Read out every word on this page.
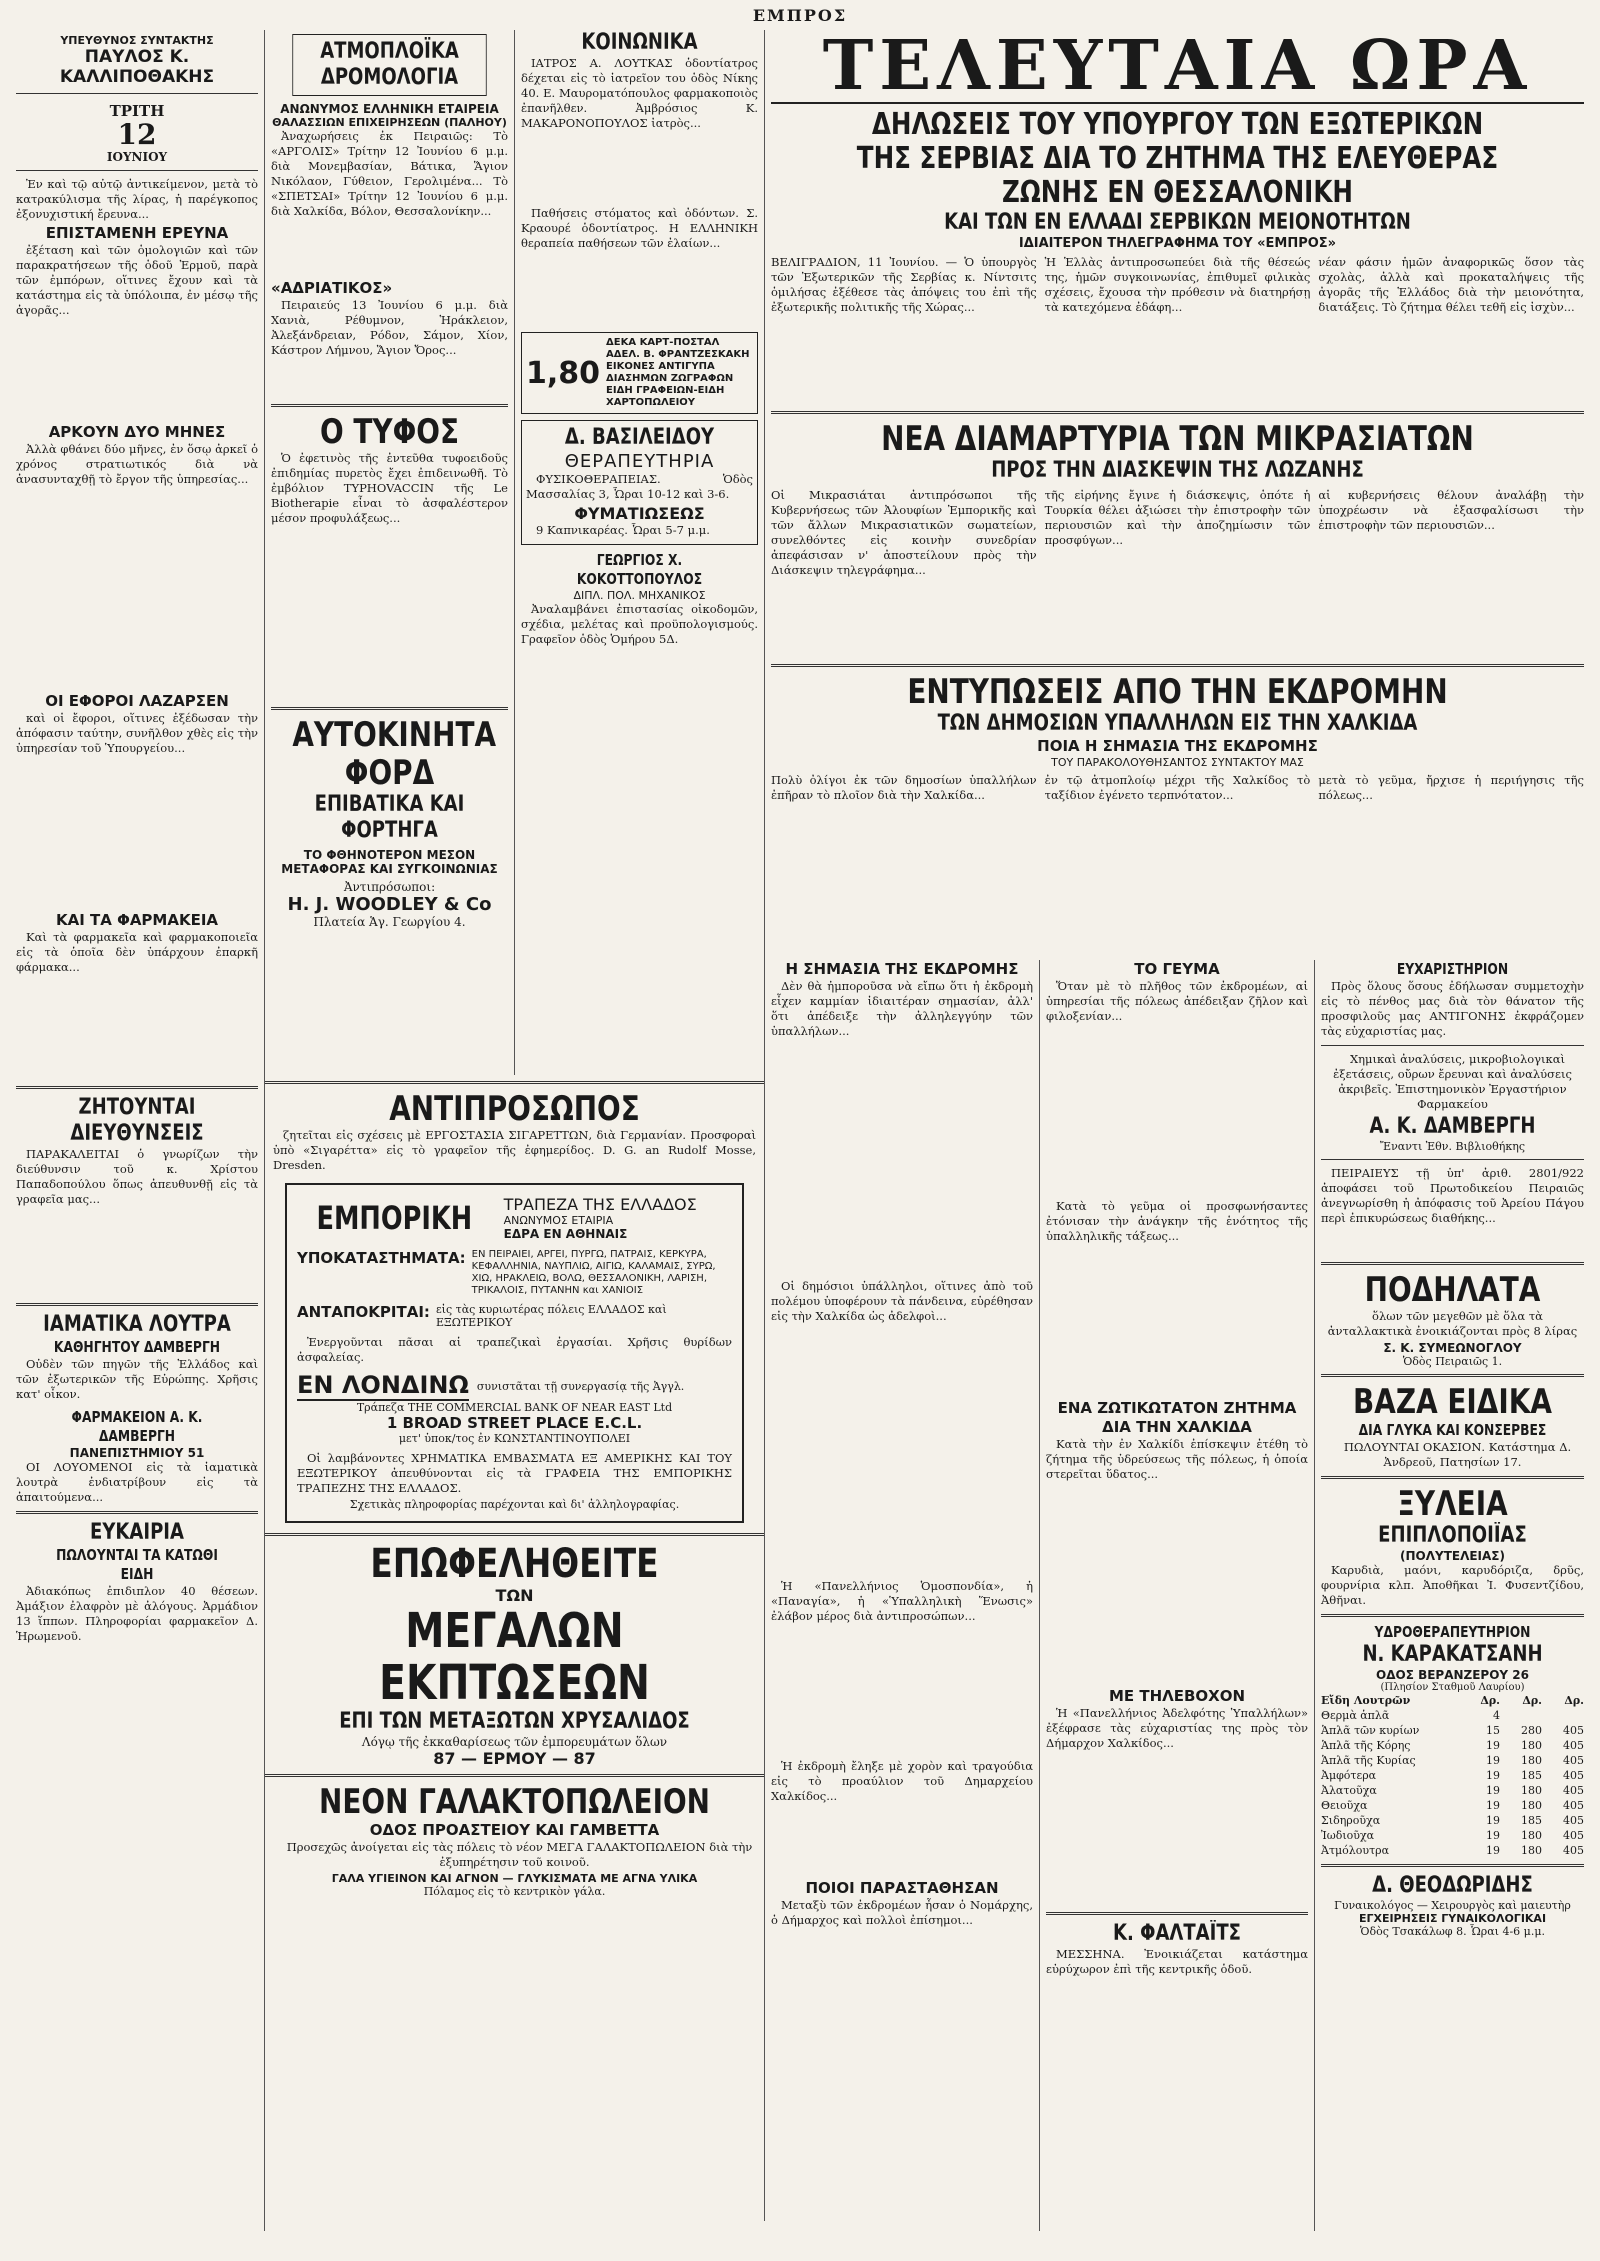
ΕΜΠΡΟΣ
ΥΠΕΥΘΥΝΟΣ ΣΥΝΤΑΚΤΗΣ
ΠΑΥΛΟΣ Κ. ΚΑΛΛΙΠΟΘΑΚΗΣ
ΤΡΙΤΗ
12
ΙΟΥΝΙΟΥ

Ἐν καὶ τῷ αὐτῷ ἀντικείμενον, μετὰ τὸ κατρακύλισμα τῆς λίρας, ἡ παρέγκοπος ἐξονυχιστική ἔρευνα...

ΕΠΙΣΤΑΜΕΝΗ ΕΡΕΥΝΑ

ἐξέταση καὶ τῶν ὁμολογιῶν καὶ τῶν παρακρατήσεων τῆς ὁδοῦ Ἑρμοῦ, παρὰ τῶν ἐμπόρων, οἵτινες ἔχουν καὶ τὰ κατάστημα εἰς τὰ ὑπόλοιπα, ἐν μέσῳ τῆς ἀγορᾶς...

ΑΡΚΟΥΝ ΔΥΟ ΜΗΝΕΣ

Ἀλλὰ φθάνει δύο μῆνες, ἐν ὅσῳ ἀρκεῖ ὁ χρόνος στρατιωτικός διὰ νὰ ἀνασυνταχθῇ τὸ ἔργον τῆς ὑπηρεσίας...

ΟΙ ΕΦΟΡΟΙ ΛΑΖΑΡΣΕΝ

καὶ οἱ ἔφοροι, οἵτινες ἐξέδωσαν τὴν ἀπόφασιν ταύτην, συνῆλθον χθὲς εἰς τὴν ὑπηρεσίαν τοῦ Ὑπουργείου...

ΚΑΙ ΤΑ ΦΑΡΜΑΚΕΙΑ

Καὶ τὰ φαρμακεῖα καὶ φαρμακοποιεῖα εἰς τὰ ὁποῖα δὲν ὑπάρχουν ἐπαρκῆ φάρμακα...

ΖΗΤΟΥΝΤΑΙ ΔΙΕΥΘΥΝΣΕΙΣ

ΠΑΡΑΚΑΛΕΙΤΑΙ ὁ γνωρίζων τὴν διεύθυνσιν τοῦ κ. Χρίστου Παπαδοπούλου ὅπως ἀπευθυνθῇ εἰς τὰ γραφεῖα μας...

ΙΑΜΑΤΙΚΑ ΛΟΥΤΡΑ
ΚΑΘΗΓΗΤΟΥ ΔΑΜΒΕΡΓΗ

Οὐδὲν τῶν πηγῶν τῆς Ἑλλάδος καὶ τῶν ἐξωτερικῶν τῆς Εὐρώπης. Χρῆσις κατ' οἶκον.

ΦΑΡΜΑΚΕΙΟΝ Α. Κ. ΔΑΜΒΕΡΓΗ
ΠΑΝΕΠΙΣΤΗΜΙΟΥ 51

ΟΙ ΛΟΥΟΜΕΝΟΙ εἰς τὰ ἰαματικὰ λουτρὰ ἐνδιατρίβουν εἰς τὰ ἀπαιτούμενα...

ΕΥΚΑΙΡΙΑ
ΠΩΛΟΥΝΤΑΙ ΤΑ ΚΑΤΩΘΙ ΕΙΔΗ

Ἀδιακόπως ἐπιδιπλον 40 θέσεων. Ἀμάξιον ἐλαφρὸν μὲ ἀλόγους. Ἀρμάδιον 13 ἵππων. Πληροφορίαι φαρμακεῖον Δ. Ἡρωμενοῦ.

ΑΤΜΟΠΛΟΪΚΑ ΔΡΟΜΟΛΟΓΙΑ
ΑΝΩΝΥΜΟΣ ΕΛΛΗΝΙΚΗ ΕΤΑΙΡΕΙΑ
ΘΑΛΑΣΣΙΩΝ ΕΠΙΧΕΙΡΗΣΕΩΝ (ΠΑΛΗΟΥ)

Ἀναχωρήσεις ἐκ Πειραιῶς: Τὸ «ΑΡΓΟΛΙΣ» Τρίτην 12 Ἰουνίου 6 μ.μ. διὰ Μονεμβασίαν, Βάτικα, Ἅγιον Νικόλαον, Γύθειον, Γερολιμένα... Τὸ «ΣΠΕΤΣΑΙ» Τρίτην 12 Ἰουνίου 6 μ.μ. διὰ Χαλκίδα, Βόλον, Θεσσαλονίκην...

«ΑΔΡΙΑΤΙΚΟΣ»

Πειραιεύς 13 Ἰουνίου 6 μ.μ. διὰ Χανιὰ, Ρέθυμνον, Ἡράκλειον, Ἀλεξάνδρειαν, Ρόδον, Σάμον, Χίον, Κάστρον Λήμνου, Ἅγιον Ὄρος...

Ο ΤΥΦΟΣ

Ὁ ἐφετινὸς τῆς ἐντεῦθα τυφοειδοῦς ἐπιδημίας πυρετὸς ἔχει ἐπιδεινωθῆ. Τὸ ἐμβόλιον TYPHOVACCIN τῆς Le Biotherapie εἶναι τὸ ἀσφαλέστερον μέσον προφυλάξεως...

ΑΥΤΟΚΙΝΗΤΑ ΦΟΡΔ
ΕΠΙΒΑΤΙΚΑ ΚΑΙ ΦΟΡΤΗΓΑ
ΤΟ ΦΘΗΝΟΤΕΡΟΝ ΜΕΣΟΝ ΜΕΤΑΦΟΡΑΣ ΚΑΙ ΣΥΓΚΟΙΝΩΝΙΑΣ
Ἀντιπρόσωποι:
H. J. WOODLEY & Co
Πλατεία Ἁγ. Γεωργίου 4.
ΚΟΙΝΩΝΙΚΑ

ΙΑΤΡΟΣ Α. ΛΟΥΤΚΑΣ ὁδοντίατρος δέχεται εἰς τὸ ἰατρεῖον του ὁδὸς Νίκης 40. Ε. Μαυροματόπουλος φαρμακοποιὸς ἐπανῆλθεν. Ἀμβρόσιος Κ. ΜΑΚΑΡΟΝΟΠΟΥΛΟΣ ἰατρὸς...

Παθήσεις στόματος καὶ ὀδόντων. Σ. Κραουρέ ὁδοντίατρος. Η ΕΛΛΗΝΙΚΗ θεραπεία παθήσεων τῶν ἐλαίων...

1,80
ΔΕΚΑ ΚΑΡΤ-ΠΟΣΤΑΛ ΑΔΕΛ. Β. ΦΡΑΝΤΖΕΣΚΑΚΗ ΕΙΚΟΝΕΣ ΑΝΤΙΓΥΠΑ ΔΙΑΣΗΜΩΝ ΖΩΓΡΑΦΩΝ ΕΙΔΗ ΓΡΑΦΕΙΩΝ-ΕΙΔΗ ΧΑΡΤΟΠΩΛΕΙΟΥ
Δ. ΒΑΣΙΛΕΙΔΟΥ
ΘΕΡΑΠΕΥΤΗΡΙΑ

ΦΥΣΙΚΟΘΕΡΑΠΕΙΑΣ. Ὁδὸς Μασσαλίας 3, Ὧραι 10-12 καὶ 3-6.

ΦΥΜΑΤΙΩΣΕΩΣ

9 Καπνικαρέας. Ὧραι 5-7 μ.μ.

ΓΕΩΡΓΙΟΣ Χ. ΚΟΚΟΤΤΟΠΟΥΛΟΣ
ΔΙΠΛ. ΠΟΛ. ΜΗΧΑΝΙΚΟΣ

Ἀναλαμβάνει ἐπιστασίας οἰκοδομῶν, σχέδια, μελέτας καὶ προϋπολογισμούς. Γραφεῖον ὁδὸς Ὁμήρου 5Δ.

ΤΕΛΕΥΤΑΙΑ ΩΡΑ
ΔΗΛΩΣΕΙΣ ΤΟΥ ΥΠΟΥΡΓΟΥ ΤΩΝ ΕΞΩΤΕΡΙΚΩΝ ΤΗΣ ΣΕΡΒΙΑΣ ΔΙΑ ΤΟ ΖΗΤΗΜΑ ΤΗΣ ΕΛΕΥΘΕΡΑΣ ΖΩΝΗΣ ΕΝ ΘΕΣΣΑΛΟΝΙΚΗ
ΚΑΙ ΤΩΝ ΕΝ ΕΛΛΑΔΙ ΣΕΡΒΙΚΩΝ ΜΕΙΟΝΟΤΗΤΩΝ
ΙΔΙΑΙΤΕΡΟΝ ΤΗΛΕΓΡΑΦΗΜΑ ΤΟΥ «ΕΜΠΡΟΣ»
ΒΕΛΙΓΡΑΔΙΟΝ, 11 Ἰουνίου. — Ὁ ὑπουργὸς τῶν Ἐξωτερικῶν τῆς Σερβίας κ. Νίντσιτς ὁμιλήσας ἐξέθεσε τὰς ἀπόψεις του ἐπὶ τῆς ἐξωτερικῆς πολιτικῆς τῆς Χώρας...
Ἡ Ἑλλὰς ἀντιπροσωπεύει διὰ τῆς θέσεώς της, ἡμῶν συγκοινωνίας, ἐπιθυμεῖ φιλικὰς σχέσεις, ἔχουσα τὴν πρόθεσιν νὰ διατηρήσῃ τὰ κατεχόμενα ἐδάφη...
νέαν φάσιν ἡμῶν ἀναφορικῶς ὅσον τὰς σχολὰς, ἀλλὰ καὶ προκαταλήψεις τῆς ἀγορᾶς τῆς Ἑλλάδος διὰ τὴν μειονότητα, διατάξεις. Τὸ ζήτημα θέλει τεθῆ εἰς ἰσχὺν...
ΝΕΑ ΔΙΑΜΑΡΤΥΡΙΑ ΤΩΝ ΜΙΚΡΑΣΙΑΤΩΝ
ΠΡΟΣ ΤΗΝ ΔΙΑΣΚΕΨΙΝ ΤΗΣ ΛΩΖΑΝΗΣ
Οἱ Μικρασιάται ἀντιπρόσωποι τῆς Κυβερνήσεως τῶν Ἀλουφίων Ἐμπορικῆς καὶ τῶν ἄλλων Μικρασιατικῶν σωματείων, συνελθόντες εἰς κοινὴν συνεδρίαν ἀπεφάσισαν ν' ἀποστείλουν πρὸς τὴν Διάσκεψιν τηλεγράφημα...
τῆς εἰρήνης ἔγινε ἡ διάσκεψις, ὁπότε ἡ Τουρκία θέλει ἀξιώσει τὴν ἐπιστροφὴν τῶν περιουσιῶν καὶ τὴν ἀποζημίωσιν τῶν προσφύγων...
αἱ κυβερνήσεις θέλουν ἀναλάβῃ τὴν ὑποχρέωσιν νὰ ἐξασφαλίσωσι τὴν ἐπιστροφὴν τῶν περιουσιῶν...
ΕΝΤΥΠΩΣΕΙΣ ΑΠΟ ΤΗΝ ΕΚΔΡΟΜΗΝ
ΤΩΝ ΔΗΜΟΣΙΩΝ ΥΠΑΛΛΗΛΩΝ ΕΙΣ ΤΗΝ ΧΑΛΚΙΔΑ
ΠΟΙΑ Η ΣΗΜΑΣΙΑ ΤΗΣ ΕΚΔΡΟΜΗΣ
ΤΟΥ ΠΑΡΑΚΟΛΟΥΘΗΣΑΝΤΟΣ ΣΥΝΤΑΚΤΟΥ ΜΑΣ
Πολὺ ὀλίγοι ἐκ τῶν δημοσίων ὑπαλλήλων ἐπῆραν τὸ πλοῖον διὰ τὴν Χαλκίδα...
ἐν τῷ ἀτμοπλοίῳ μέχρι τῆς Χαλκίδος τὸ ταξίδιον ἐγένετο τερπνότατον...
μετὰ τὸ γεῦμα, ἤρχισε ἡ περιήγησις τῆς πόλεως...
Η ΣΗΜΑΣΙΑ ΤΗΣ ΕΚΔΡΟΜΗΣ

Δὲν θὰ ἠμποροῦσα νὰ εἴπω ὅτι ἡ ἐκδρομὴ εἶχεν καμμίαν ἰδιαιτέραν σημασίαν, ἀλλ' ὅτι ἀπέδειξε τὴν ἀλληλεγγύην τῶν ὑπαλλήλων...

Οἱ δημόσιοι ὑπάλληλοι, οἵτινες ἀπὸ τοῦ πολέμου ὑποφέρουν τὰ πάνδεινα, εὑρέθησαν εἰς τὴν Χαλκίδα ὡς ἀδελφοὶ...

Ἡ «Πανελλήνιος Ὁμοσπονδία», ἡ «Παναγία», ἡ «Ὑπαλληλικὴ Ἕνωσις» ἐλάβον μέρος διὰ ἀντιπροσώπων...

Ἡ ἐκδρομὴ ἔληξε μὲ χορὸν καὶ τραγούδια εἰς τὸ προαύλιον τοῦ Δημαρχείου Χαλκίδος...

ΠΟΙΟΙ ΠΑΡΑΣΤΑΘΗΣΑΝ

Μεταξὺ τῶν ἐκδρομέων ἦσαν ὁ Νομάρχης, ὁ Δήμαρχος καὶ πολλοὶ ἐπίσημοι...

ΤΟ ΓΕΥΜΑ

Ὅταν μὲ τὸ πλῆθος τῶν ἐκδρομέων, αἱ ὑπηρεσίαι τῆς πόλεως ἀπέδειξαν ζῆλον καὶ φιλοξενίαν...

Κατὰ τὸ γεῦμα οἱ προσφωνήσαντες ἐτόνισαν τὴν ἀνάγκην τῆς ἑνότητος τῆς ὑπαλληλικῆς τάξεως...

ΕΝΑ ΖΩΤΙΚΩΤΑΤΟΝ ΖΗΤΗΜΑ ΔΙΑ ΤΗΝ ΧΑΛΚΙΔΑ

Κατὰ τὴν ἐν Χαλκίδι ἐπίσκεψιν ἐτέθη τὸ ζήτημα τῆς ὑδρεύσεως τῆς πόλεως, ἡ ὁποία στερεῖται ὕδατος...

ΜΕ ΤΗΛΕΒΟΧΟΝ

Ἡ «Πανελλήνιος Ἀδελφότης Ὑπαλλήλων» ἐξέφρασε τὰς εὐχαριστίας της πρὸς τὸν Δήμαρχον Χαλκίδος...

Κ. ΦΑΛΤΑΪΤΣ

ΜΕΣΣΗΝΑ. Ἐνοικιάζεται κατάστημα εὐρύχωρον ἐπὶ τῆς κεντρικῆς ὁδοῦ.

ΕΥΧΑΡΙΣΤΗΡΙΟΝ

Πρὸς ὅλους ὅσους ἐδήλωσαν συμμετοχὴν εἰς τὸ πένθος μας διὰ τὸν θάνατον τῆς προσφιλοῦς μας ΑΝΤΙΓΟΝΗΣ ἐκφράζομεν τὰς εὐχαριστίας μας.

Χημικαὶ ἀναλύσεις, μικροβιολογικαὶ ἐξετάσεις, οὔρων ἔρευναι καὶ ἀναλύσεις ἀκριβεῖς. Ἐπιστημονικὸν Ἐργαστήριον Φαρμακείου

Α. Κ. ΔΑΜΒΕΡΓΗ
Ἔναντι Ἐθν. Βιβλιοθήκης

ΠΕΙΡΑΙΕΥΣ τῇ ὑπ' ἀριθ. 2801/922 ἀποφάσει τοῦ Πρωτοδικείου Πειραιῶς ἀνεγνωρίσθη ἡ ἀπόφασις τοῦ Ἀρείου Πάγου περὶ ἐπικυρώσεως διαθήκης...

ΠΟΔΗΛΑΤΑ

ὅλων τῶν μεγεθῶν μὲ ὅλα τὰ ἀνταλλακτικὰ ἐνοικιάζονται πρὸς 8 λίρας

Σ. Κ. ΣΥΜΕΩΝΟΓΛΟΥ
Ὁδὸς Πειραιῶς 1.
ΒΑΖΑ ΕΙΔΙΚΑ
ΔΙΑ ΓΛΥΚΑ ΚΑΙ ΚΟΝΣΕΡΒΕΣ

ΠΩΛΟΥΝΤΑΙ ΟΚΑΣΙΟΝ. Κατάστημα Δ. Ἀνδρεοῦ, Πατησίων 17.

ΞΥΛΕΙΑ
ΕΠΙΠΛΟΠΟΙΪΑΣ
(ΠΟΛΥΤΕΛΕΙΑΣ)

Καρυδιὰ, μαόνι, καρυδόριζα, δρῦς, φουρνίρια κλπ. Ἀποθῆκαι Ἰ. Φυσεντζίδου, Ἀθῆναι.

ΥΔΡΟΘΕΡΑΠΕΥΤΗΡΙΟΝ
Ν. ΚΑΡΑΚΑΤΣΑΝΗ
ΟΔΟΣ ΒΕΡΑΝΖΕΡΟΥ 26
(Πλησίον Σταθμοῦ Λαυρίου)
Εἴδη Λουτρῶν	Δρ.	Δρ.	Δρ.
Θερμὰ ἁπλᾶ	4
Ἁπλᾶ τῶν κυρίων	15	280	405
Ἁπλᾶ τῆς Κόρης	19	180	405
Ἁπλᾶ τῆς Κυρίας	19	180	405
Ἀμφότερα	19	185	405
Ἀλατοῦχα	19	180	405
Θειοῦχα	19	180	405
Σιδηροῦχα	19	185	405
Ἰωδιοῦχα	19	180	405
Ἀτμόλουτρα	19	180	405
Δ. ΘΕΟΔΩΡΙΔΗΣ
Γυναικολόγος — Χειρουργὸς καὶ μαιευτὴρ
ΕΓΧΕΙΡΗΣΕΙΣ ΓΥΝΑΙΚΟΛΟΓΙΚΑΙ
Ὁδὸς Τσακάλωφ 8. Ὧραι 4-6 μ.μ.
ΑΝΤΙΠΡΟΣΩΠΟΣ

ζητεῖται εἰς σχέσεις μὲ ΕΡΓΟΣΤΑΣΙΑ ΣΙΓΑΡΕΤΤΩΝ, διὰ Γερμανίαν. Προσφοραὶ ὑπὸ «Σιγαρέττα» εἰς τὸ γραφεῖον τῆς ἐφημερίδος. D. G. an Rudolf Mosse, Dresden.

ΕΜΠΟΡΙΚΗ ΤΡΑΠΕΖΑ ΤΗΣ ΕΛΛΑΔΟΣ
ΑΝΩΝΥΜΟΣ ΕΤΑΙΡΙΑ
ΕΔΡΑ ΕΝ ΑΘΗΝΑΙΣ
ΥΠΟΚΑΤΑΣΤΗΜΑΤΑ: ΕΝ ΠΕΙΡΑΙΕΙ, ΑΡΓΕΙ, ΠΥΡΓΩ, ΠΑΤΡΑΙΣ, ΚΕΡΚΥΡΑ, ΚΕΦΑΛΛΗΝΙΑ, ΝΑΥΠΛΙΩ, ΑΙΓΙΩ, ΚΑΛΑΜΑΙΣ, ΣΥΡΩ, ΧΙΩ, ΗΡΑΚΛΕΙΩ, ΒΟΛΩ, ΘΕΣΣΑΛΟΝΙΚΗ, ΛΑΡΙΣΗ, ΤΡΙΚΑΛΟΙΣ, ΠΥΤΑΝΗΝ και ΧΑΝΙΟΙΣ
ΑΝΤΑΠΟΚΡΙΤΑΙ: εἰς τὰς κυριωτέρας πόλεις ΕΛΛΑΔΟΣ καὶ ΕΞΩΤΕΡΙΚΟΥ

Ἐνεργοῦνται πᾶσαι αἱ τραπεζικαὶ ἐργασίαι. Χρῆσις θυρίδων ἀσφαλείας.

ΕΝ ΛΟΝΔΙΝΩ συνιστᾶται τῇ συνεργασίᾳ τῆς Ἀγγλ.
Τράπεζα THE COMMERCIAL BANK OF NEAR EAST Ltd
1 BROAD STREET PLACE E.C.L.
μετ' ὑποκ/τος ἐν ΚΩΝΣΤΑΝΤΙΝΟΥΠΟΛΕΙ

Οἱ λαμβάνοντες ΧΡΗΜΑΤΙΚΑ ΕΜΒΑΣΜΑΤΑ ΕΞ ΑΜΕΡΙΚΗΣ ΚΑΙ ΤΟΥ ΕΞΩΤΕΡΙΚΟΥ ἀπευθύνονται εἰς τὰ ΓΡΑΦΕΙΑ ΤΗΣ ΕΜΠΟΡΙΚΗΣ ΤΡΑΠΕΖΗΣ ΤΗΣ ΕΛΛΑΔΟΣ.

Σχετικὰς πληροφορίας παρέχονται καὶ δι' ἀλληλογραφίας.
ΕΠΩΦΕΛΗΘΕΙΤΕ
ΤΩΝ
ΜΕΓΑΛΩΝ ΕΚΠΤΩΣΕΩΝ
ΕΠΙ ΤΩΝ ΜΕΤΑΞΩΤΩΝ ΧΡΥΣΑΛΙΔΟΣ
Λόγῳ τῆς ἐκκαθαρίσεως τῶν ἐμπορευμάτων ὅλων
87 — ΕΡΜΟΥ — 87
ΝΕΟΝ ΓΑΛΑΚΤΟΠΩΛΕΙΟΝ
ΟΔΟΣ ΠΡΟΑΣΤΕΙΟΥ ΚΑΙ ΓΑΜΒΕΤΤΑ

Προσεχῶς ἀνοίγεται εἰς τὰς πόλεις τὸ νέον ΜΕΓΑ ΓΑΛΑΚΤΟΠΩΛΕΙΟΝ διὰ τὴν ἐξυπηρέτησιν τοῦ κοινοῦ.

ΓΑΛΑ ΥΓΙΕΙΝΟΝ ΚΑΙ ΑΓΝΟΝ — ΓΛΥΚΙΣΜΑΤΑ ΜΕ ΑΓΝΑ ΥΛΙΚΑ
Πόλαμος εἰς τὸ κεντρικὸν γάλα.
